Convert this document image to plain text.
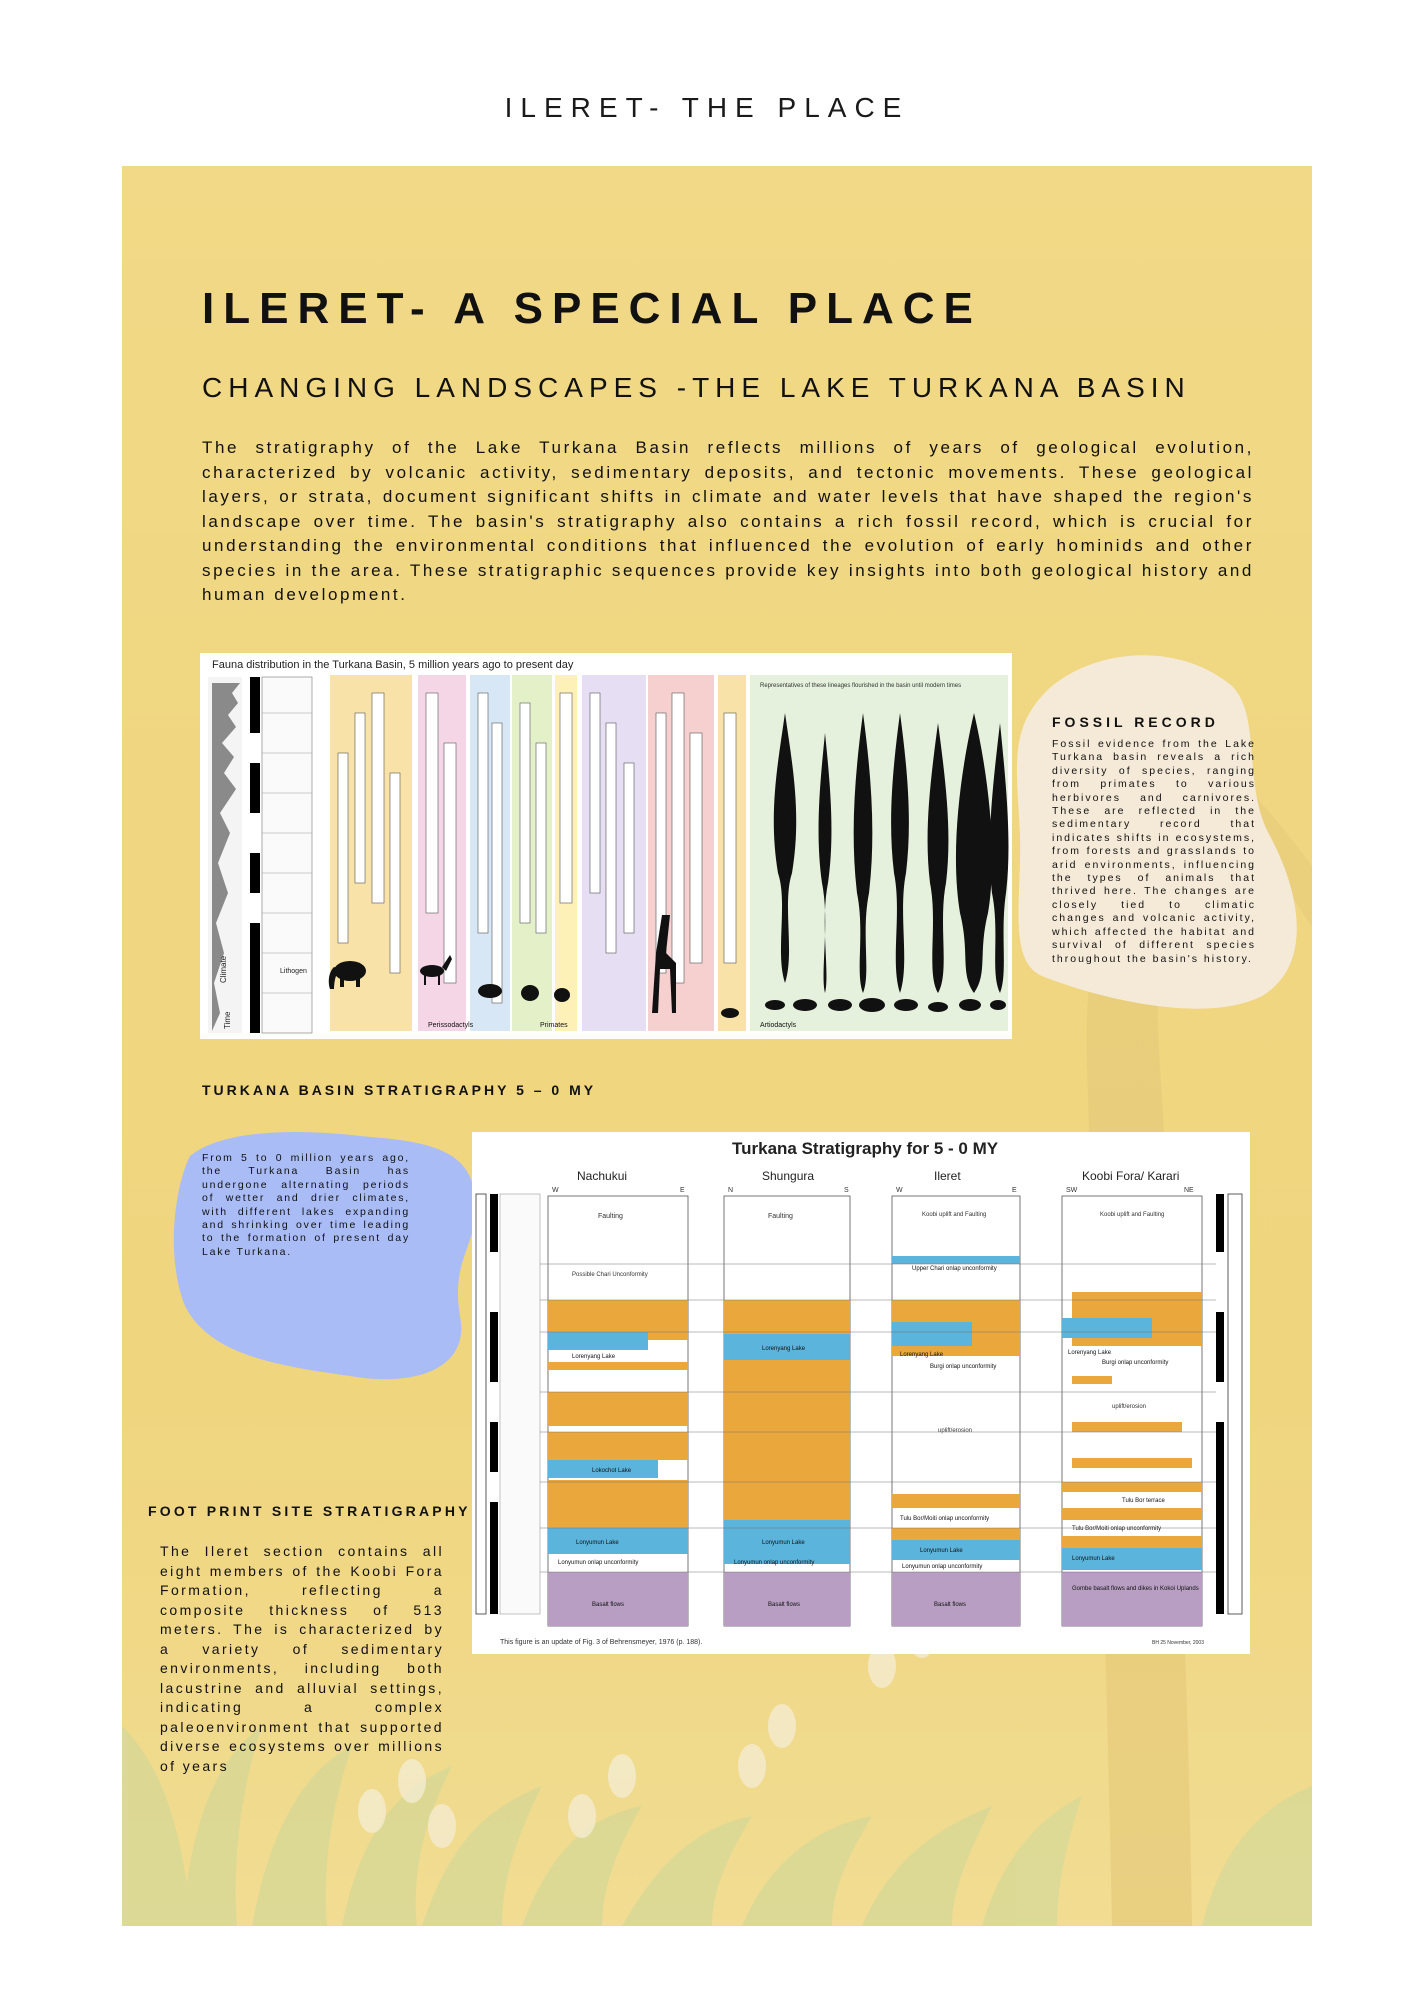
ILERET- THE PLACE
ILERET- A SPECIAL PLACE
CHANGING LANDSCAPES -THE LAKE TURKANA BASIN

The stratigraphy of the Lake Turkana Basin reflects millions of years of geological evolution, characterized by volcanic activity, sedimentary deposits, and tectonic movements. These geological layers, or strata, document significant shifts in climate and water levels that have shaped the region's landscape over time. The basin's stratigraphy also contains a rich fossil record, which is crucial for understanding the environmental conditions that influenced the evolution of early hominids and other species in the area. These stratigraphic sequences provide key insights into both geological history and human development.

Fauna distribution in the Turkana Basin, 5 million years ago to present day
Time
Climate	Lithogen
Representatives of these lineages flourished in the basin until modern times
Perissodactyls	Primates	Artiodactyls
FOSSIL RECORD

Fossil evidence from the Lake Turkana basin reveals a rich diversity of species, ranging from primates to various herbivores and carnivores. These are reflected in the sedimentary record that indicates shifts in ecosystems, from forests and grasslands to arid environments, influencing the types of animals that thrived here. The changes are closely tied to climatic changes and volcanic activity, which affected the habitat and survival of different species throughout the basin's history.

TURKANA BASIN STRATIGRAPHY 5 – 0 MY

From 5 to 0 million years ago, the Turkana Basin has undergone alternating periods of wetter and drier climates, with different lakes expanding and shrinking over time leading to the formation of present day Lake Turkana.

Turkana Stratigraphy for 5 - 0 MY
Nachukui
W	E
Faulting
Possible Chari Unconformity
Lorenyang Lake
Lokochot Lake
Lonyumun Lake
Lonyumun onlap unconformity
Basalt flows
Shungura
N	S
Faulting
Lorenyang Lake
Lonyumun Lake
Lonyumun onlap unconformity
Basalt flows
Ileret
W	E
Koobi uplift and Faulting
Upper Chari onlap unconformity
Lorenyang Lake
Burgi onlap unconformity
uplift/erosion
Tulu Bor/Moiti onlap unconformity
Lonyumun Lake
Lonyumun onlap unconformity
Basalt flows
Koobi Fora/ Karari
SW	NE
Koobi uplift and Faulting
Lorenyang Lake
Burgi onlap unconformity
uplift/erosion
Tulu Bor terrace
Tulu Bor/Moiti onlap unconformity
Lonyumun Lake
Gombe basalt flows and dikes in Kokoi Uplands
This figure is an update of Fig. 3 of Behrensmeyer, 1976 (p. 188).	BH 25 November, 2003
FOOT PRINT SITE STRATIGRAPHY

The Ileret section contains all eight members of the Koobi Fora Formation, reflecting a composite thickness of 513 meters. The is characterized by a variety of sedimentary environments, including both lacustrine and alluvial settings, indicating a complex paleoenvironment that supported diverse ecosystems over millions of years
